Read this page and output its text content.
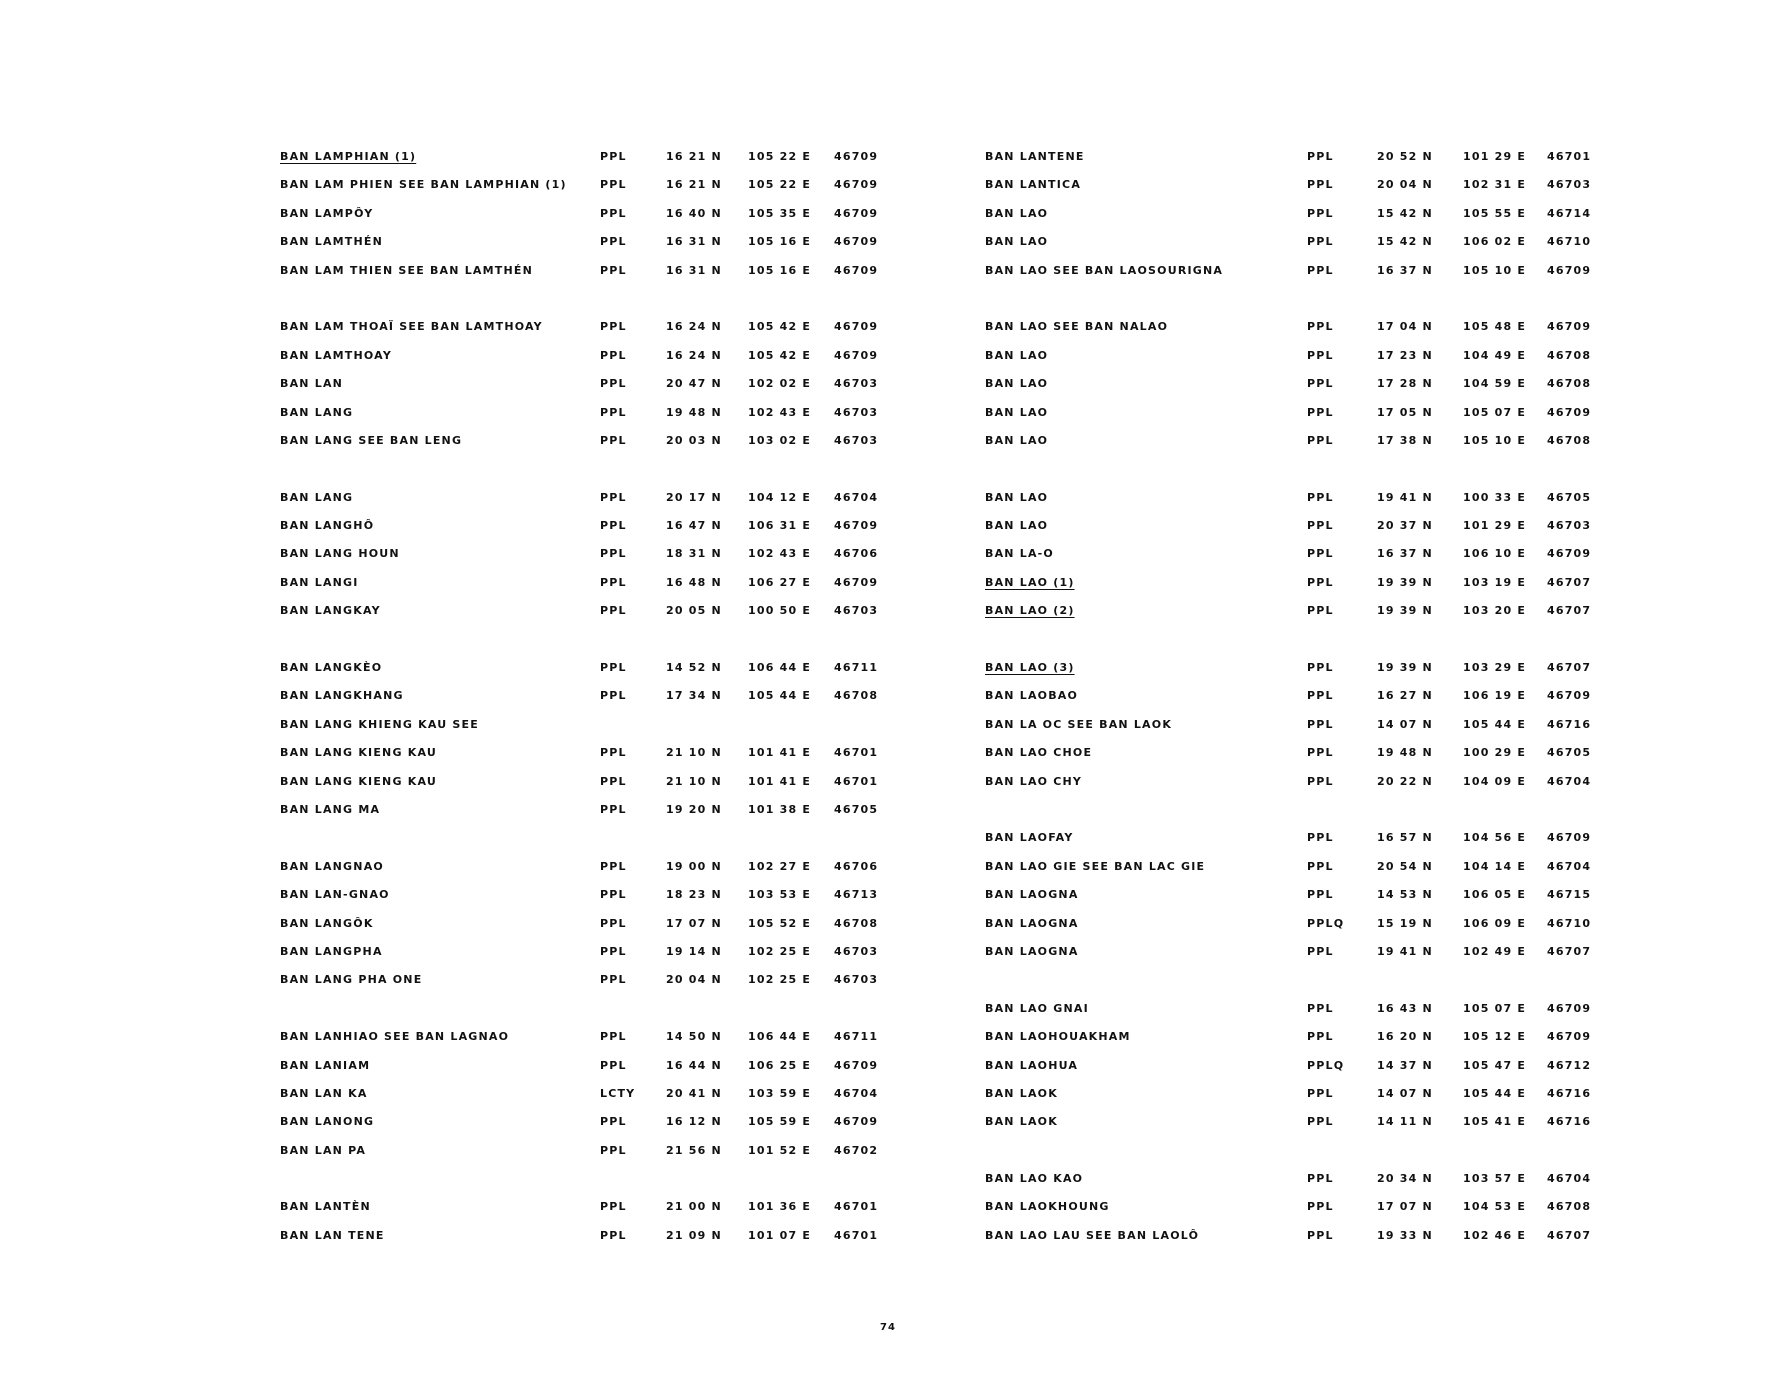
BAN LAMPHIAN (1)	PPL	16 21 N 105 22 E 46709
BAN LAM PHIEN SEE BAN LAMPHIAN (1)	PPL	16 21 N 105 22 E 46709
BAN LAMPÔY	PPL	16 40 N 105 35 E 46709
BAN LAMTHÉN	PPL	16 31 N 105 16 E 46709
BAN LAM THIEN SEE BAN LAMTHÉN	PPL	16 31 N 105 16 E 46709
BAN LAM THOAÏ SEE BAN LAMTHOAY	PPL	16 24 N 105 42 E 46709
BAN LAMTHOAY	PPL	16 24 N 105 42 E 46709
BAN LAN	PPL	20 47 N 102 02 E 46703
BAN LANG	PPL	19 48 N 102 43 E 46703
BAN LANG SEE BAN LENG	PPL	20 03 N 103 02 E 46703
BAN LANG	PPL	20 17 N 104 12 E 46704
BAN LANGHÔ	PPL	16 47 N 106 31 E 46709
BAN LANG HOUN	PPL	18 31 N 102 43 E 46706
BAN LANGI	PPL	16 48 N 106 27 E 46709
BAN LANGKAY	PPL	20 05 N 100 50 E 46703
BAN LANGKÈO	PPL	14 52 N 106 44 E 46711
BAN LANGKHANG	PPL	17 34 N 105 44 E 46708
BAN LANG KHIENG KAU SEE
BAN LANG KIENG KAU	PPL	21 10 N 101 41 E 46701
BAN LANG KIENG KAU	PPL	21 10 N 101 41 E 46701
BAN LANG MA	PPL	19 20 N 101 38 E 46705
BAN LANGNAO	PPL	19 00 N 102 27 E 46706
BAN LAN-GNAO	PPL	18 23 N 103 53 E 46713
BAN LANGÔK	PPL	17 07 N 105 52 E 46708
BAN LANGPHA	PPL	19 14 N 102 25 E 46703
BAN LANG PHA ONE	PPL	20 04 N 102 25 E 46703
BAN LANHIAO SEE BAN LAGNAO	PPL	14 50 N 106 44 E 46711
BAN LANIAM	PPL	16 44 N 106 25 E 46709
BAN LAN KA	LCTY	20 41 N 103 59 E 46704
BAN LANONG	PPL	16 12 N 105 59 E 46709
BAN LAN PA	PPL	21 56 N 101 52 E 46702
BAN LANTÈN	PPL	21 00 N 101 36 E 46701
BAN LAN TENE	PPL	21 09 N 101 07 E 46701
BAN LANTENE	PPL	20 52 N	101 29 E 46701
BAN LANTICA	PPL	20 04 N	102 31 E 46703
BAN LAO	PPL	15 42 N	105 55 E 46714
BAN LAO	PPL	15 42 N	106 02 E 46710
BAN LAO SEE BAN LAOSOURIGNA	PPL	16 37 N	105 10 E 46709
BAN LAO SEE BAN NALAO	PPL	17 04 N	105 48 E 46709
BAN LAO	PPL	17 23 N	104 49 E 46708
BAN LAO	PPL	17 28 N	104 59 E 46708
BAN LAO	PPL	17 05 N	105 07 E 46709
BAN LAO	PPL	17 38 N	105 10 E 46708
BAN LAO	PPL	19 41 N	100 33 E 46705
BAN LAO	PPL	20 37 N	101 29 E 46703
BAN LA-O	PPL	16 37 N	106 10 E 46709
BAN LAO (1)	PPL	19 39 N	103 19 E 46707
BAN LAO (2)	PPL	19 39 N	103 20 E 46707
BAN LAO (3)	PPL	19 39 N	103 29 E 46707
BAN LAOBAO	PPL	16 27 N	106 19 E 46709
BAN LA OC SEE BAN LAOK	PPL	14 07 N	105 44 E 46716
BAN LAO CHOE	PPL	19 48 N	100 29 E 46705
BAN LAO CHY	PPL	20 22 N	104 09 E 46704
BAN LAOFAY	PPL	16 57 N	104 56 E 46709
BAN LAO GIE SEE BAN LAC GIE	PPL	20 54 N	104 14 E 46704
BAN LAOGNA	PPL	14 53 N	106 05 E 46715
BAN LAOGNA	PPLQ	15 19 N	106 09 E 46710
BAN LAOGNA	PPL	19 41 N	102 49 E 46707
BAN LAO GNAI	PPL	16 43 N	105 07 E 46709
BAN LAOHOUAKHAM	PPL	16 20 N	105 12 E 46709
BAN LAOHUA	PPLQ	14 37 N	105 47 E 46712
BAN LAOK	PPL	14 07 N	105 44 E 46716
BAN LAOK	PPL	14 11 N	105 41 E 46716
BAN LAO KAO	PPL	20 34 N	103 57 E 46704
BAN LAOKHOUNG	PPL	17 07 N	104 53 E 46708
BAN LAO LAU SEE BAN LAOLÔ	PPL	19 33 N	102 46 E 46707
74
